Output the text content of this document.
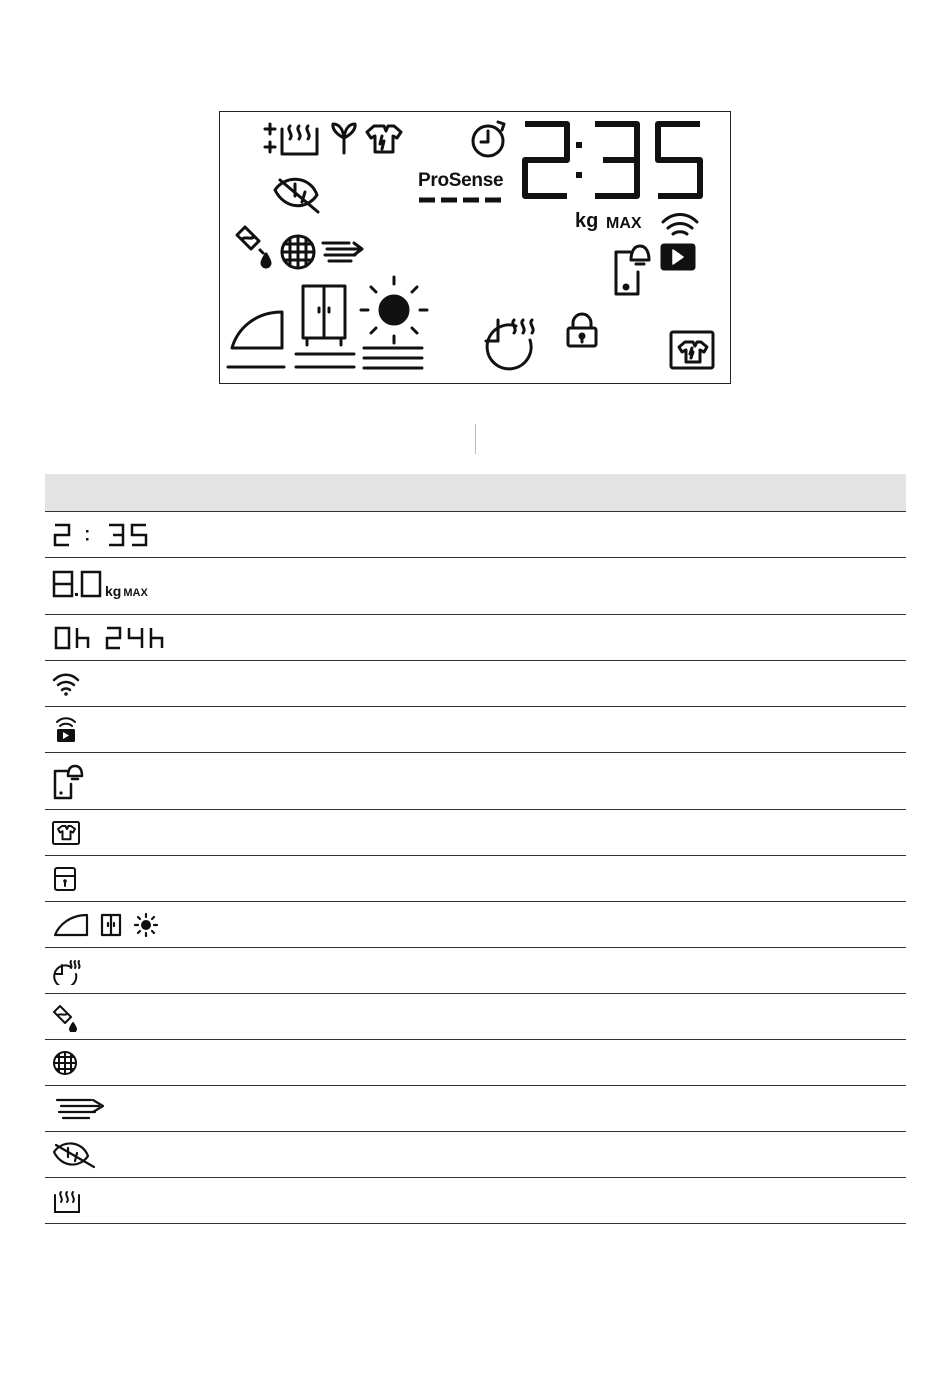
ProSense
kg MAX

kg MAX	
